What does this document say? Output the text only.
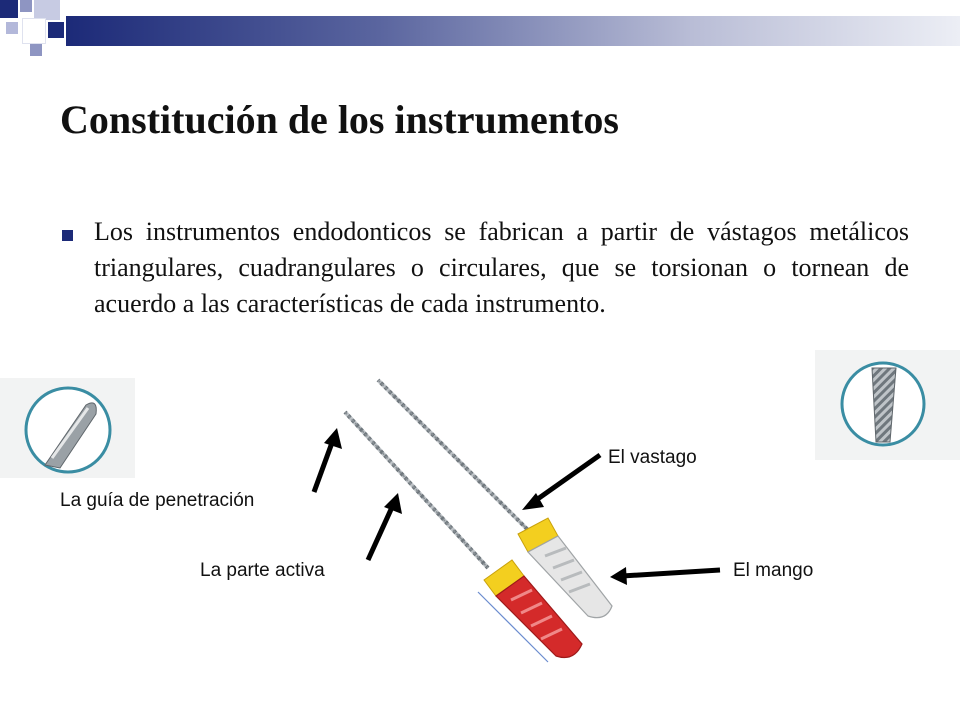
Constitución de los instrumentos

Los instrumentos endodonticos se fabrican a partir de vástagos metálicos triangulares, cuadrangulares o circulares, que se torsionan o tornean de acuerdo a las características de cada instrumento.

La guía de penetración
La parte activa
El vastago
El mango
